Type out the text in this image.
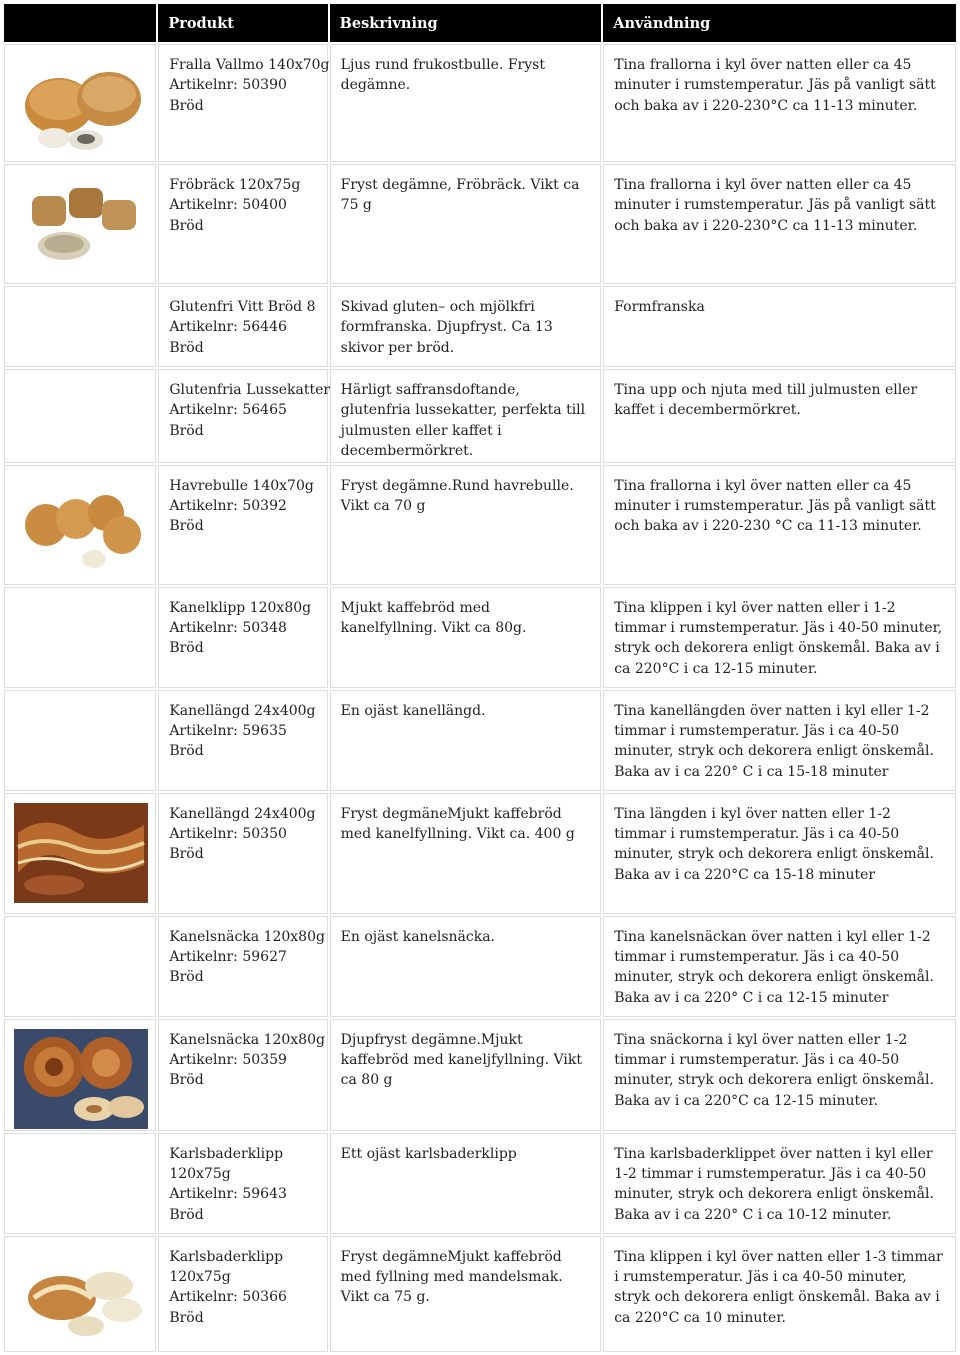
	Produkt	Beskrivning	Användning

Fralla Vallmo 140x70g
Artikelnr: 50390
Bröd	Ljus rund frukostbulle. Fryst degämne.	Tina frallorna i kyl över natten eller ca 45 minuter i rumstemperatur. Jäs på vanligt sätt och baka av i 220-230°C ca 11-13 minuter.

Fröbräck 120x75g
Artikelnr: 50400
Bröd	Fryst degämne, Fröbräck. Vikt ca 75 g	Tina frallorna i kyl över natten eller ca 45 minuter i rumstemperatur. Jäs på vanligt sätt och baka av i 220-230°C ca 11-13 minuter.

	Glutenfri Vitt Bröd 8
Artikelnr: 56446
Bröd	Skivad gluten– och mjölkfri formfranska. Djupfryst. Ca 13 skivor per bröd.	Formfranska

	Glutenfria Lussekatter
Artikelnr: 56465
Bröd	Härligt saffransdoftande, glutenfria lussekatter, perfekta till julmusten eller kaffet i decembermörkret.	Tina upp och njuta med till julmusten eller kaffet i decembermörkret.

Havrebulle 140x70g
Artikelnr: 50392
Bröd	Fryst degämne.Rund havrebulle. Vikt ca 70 g	Tina frallorna i kyl över natten eller ca 45 minuter i rumstemperatur. Jäs på vanligt sätt och baka av i 220-230 °C ca 11-13 minuter.

	Kanelklipp 120x80g
Artikelnr: 50348
Bröd	Mjukt kaffebröd med kanelfyllning. Vikt ca 80g.	Tina klippen i kyl över natten eller i 1-2 timmar i rumstemperatur. Jäs i 40-50 minuter, stryk och dekorera enligt önskemål. Baka av i ca 220°C i ca 12-15 minuter.

	Kanellängd 24x400g
Artikelnr: 59635
Bröd	En ojäst kanellängd.	Tina kanellängden över natten i kyl eller 1-2 timmar i rumstemperatur. Jäs i ca 40-50 minuter, stryk och dekorera enligt önskemål. Baka av i ca 220° C i ca 15-18 minuter

Kanellängd 24x400g
Artikelnr: 50350
Bröd	Fryst degmäneMjukt kaffebröd med kanelfyllning. Vikt ca. 400 g	Tina längden i kyl över natten eller 1-2 timmar i rumstemperatur. Jäs i ca 40-50 minuter, stryk och dekorera enligt önskemål. Baka av i ca 220°C ca 15-18 minuter

	Kanelsnäcka 120x80g
Artikelnr: 59627
Bröd	En ojäst kanelsnäcka.	Tina kanelsnäckan över natten i kyl eller 1-2 timmar i rumstemperatur. Jäs i ca 40-50 minuter, stryk och dekorera enligt önskemål. Baka av i ca 220° C i ca 12-15 minuter

Kanelsnäcka 120x80g
Artikelnr: 50359
Bröd	Djupfryst degämne.Mjukt kaffebröd med kaneljfyllning. Vikt ca 80 g	Tina snäckorna i kyl över natten eller 1-2 timmar i rumstemperatur. Jäs i ca 40-50 minuter, stryk och dekorera enligt önskemål. Baka av i ca 220°C ca 12-15 minuter.

	Karlsbaderklipp 120x75g
Artikelnr: 59643
Bröd	Ett ojäst karlsbaderklipp	Tina karlsbaderklippet över natten i kyl eller 1-2 timmar i rumstemperatur. Jäs i ca 40-50 minuter, stryk och dekorera enligt önskemål. Baka av i ca 220° C i ca 10-12 minuter.

Karlsbaderklipp 120x75g
Artikelnr: 50366
Bröd	Fryst degämneMjukt kaffebröd med fyllning med mandelsmak. Vikt ca 75 g.	Tina klippen i kyl över natten eller 1-3 timmar i rumstemperatur. Jäs i ca 40-50 minuter, stryk och dekorera enligt önskemål. Baka av i ca 220°C ca 10 minuter.
